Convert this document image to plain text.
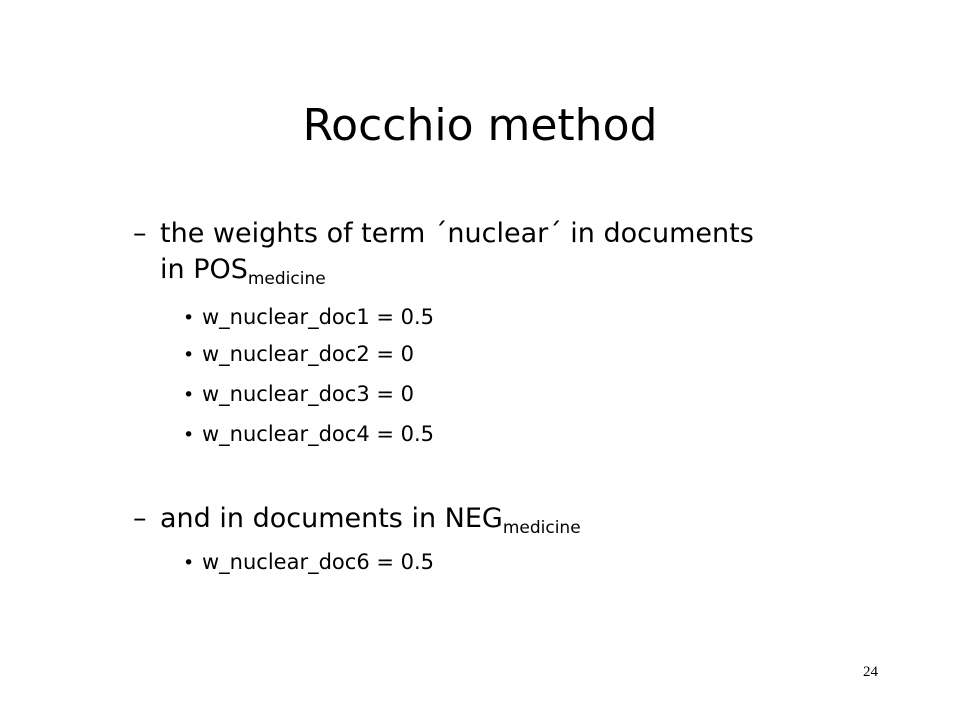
Rocchio method
– the weights of term ´nuclear´ in documents
in $POS_{medicine}$
• w_nuclear_doc1 = 0.5
• w_nuclear_doc2 = 0
• w_nuclear_doc3 = 0
• w_nuclear_doc4 = 0.5
– and in documents in $NEG_{medicine}$
• w_nuclear_doc6 = 0.5
24
